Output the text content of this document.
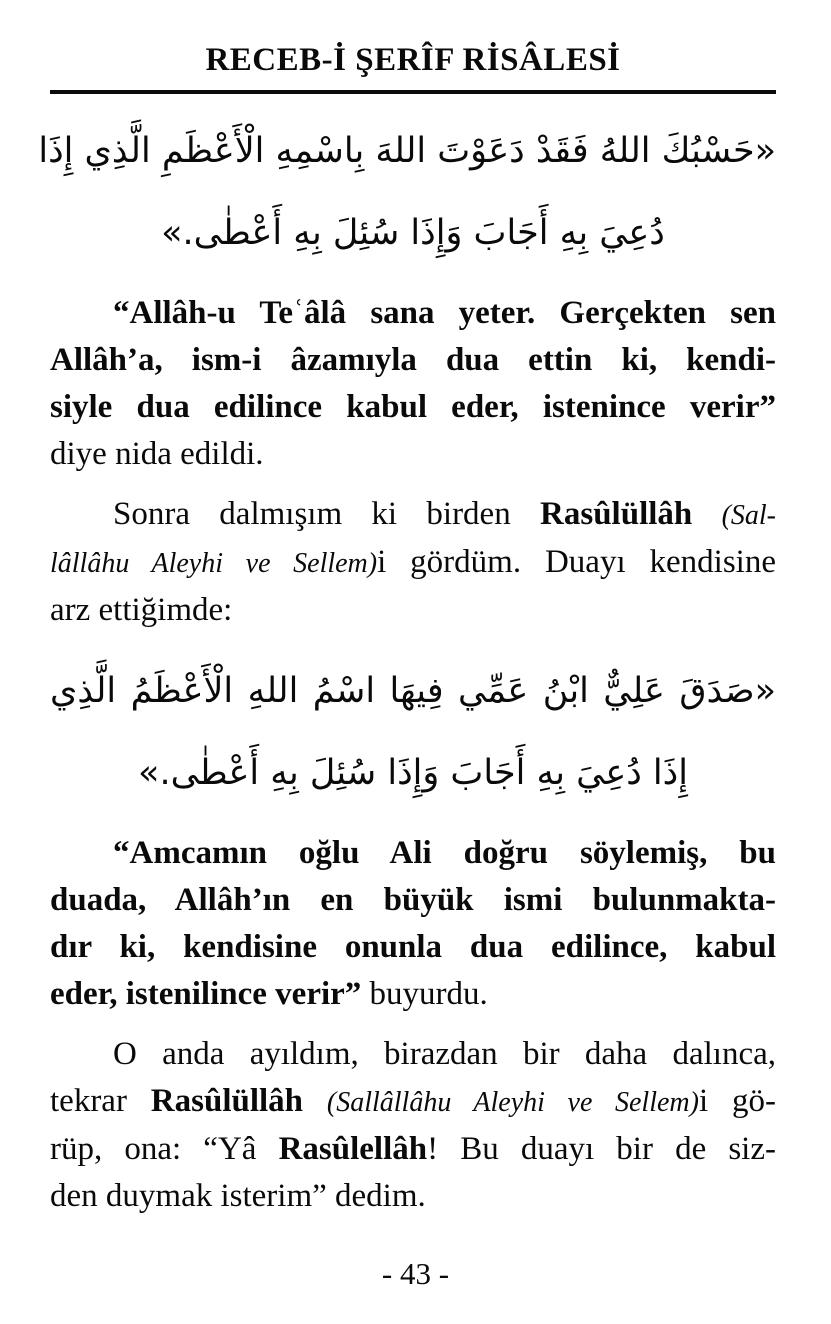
RECEB-İ ŞERÎF RİSÂLESİ
«حَسْبُكَ اللهُ فَقَدْ دَعَوْتَ اللهَ بِاسْمِهِ الْأَعْظَمِ الَّذِي إِذَا
دُعِيَ بِهِ أَجَابَ وَإِذَا سُئِلَ بِهِ أَعْطٰى.»
“Allâh-u Teʿâlâ sana yeter. Gerçekten sen
Allâh’a, ism-i âzamıyla dua ettin ki, kendi-
siyle dua edilince kabul eder, istenince verir”
diye nida edildi.
Sonra dalmışım ki birden Rasûlüllâh (Sal-
lâllâhu Aleyhi ve Sellem)i gördüm. Duayı kendisine
arz ettiğimde:
«صَدَقَ عَلِيٌّ ابْنُ عَمِّي فِيهَا اسْمُ اللهِ الْأَعْظَمُ الَّذِي
إِذَا دُعِيَ بِهِ أَجَابَ وَإِذَا سُئِلَ بِهِ أَعْطٰى.»
“Amcamın oğlu Ali doğru söylemiş, bu
duada, Allâh’ın en büyük ismi bulunmakta-
dır ki, kendisine onunla dua edilince, kabul
eder, istenilince verir” buyurdu.
O anda ayıldım, birazdan bir daha dalınca,
tekrar Rasûlüllâh (Sallâllâhu Aleyhi ve Sellem)i gö-
rüp, ona: “Yâ Rasûlellâh! Bu duayı bir de siz-
den duymak isterim” dedim.
- 43 -
